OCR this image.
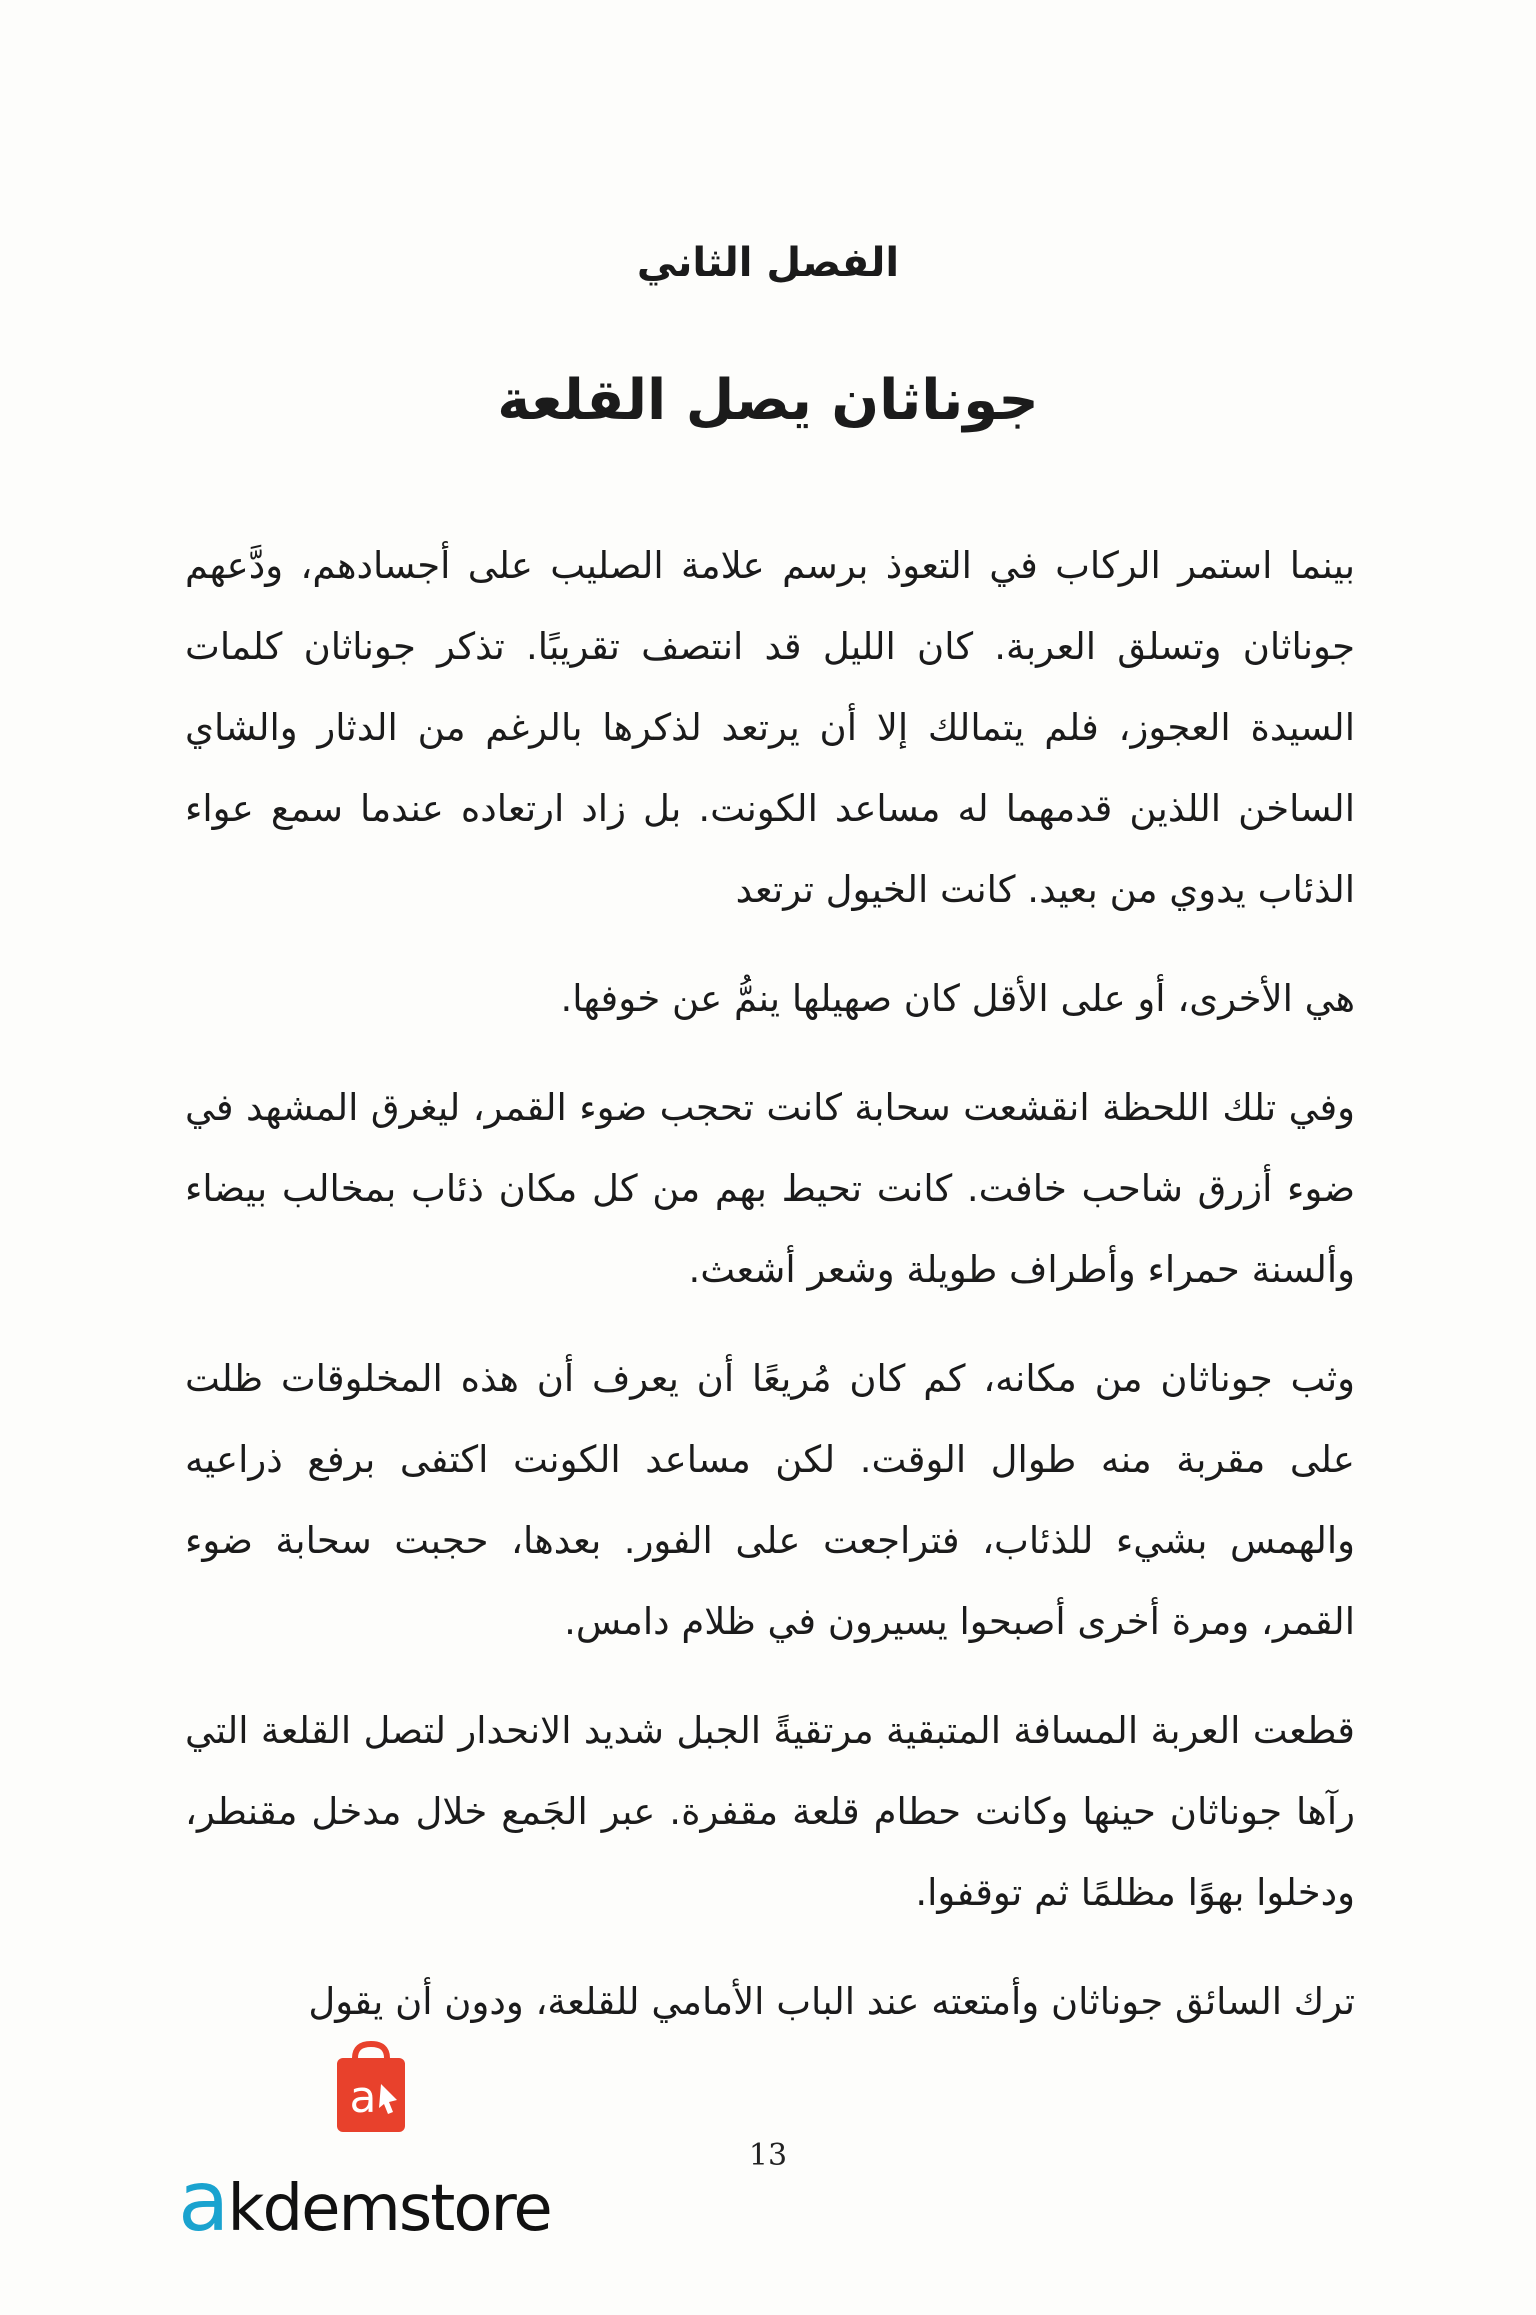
الفصل الثاني
جوناثان يصل القلعة

بينما استمر الركاب في التعوذ برسم علامة الصليب على أجسادهم، ودَّعهم جوناثان وتسلق العربة. كان الليل قد انتصف تقريبًا. تذكر جوناثان كلمات السيدة العجوز، فلم يتمالك إلا أن يرتعد لذكرها بالرغم من الدثار والشاي الساخن اللذين قدمهما له مساعد الكونت. بل زاد ارتعاده عندما سمع عواء الذئاب يدوي من بعيد. كانت الخيول ترتعد

هي الأخرى، أو على الأقل كان صهيلها ينمُّ عن خوفها.

وفي تلك اللحظة انقشعت سحابة كانت تحجب ضوء القمر، ليغرق المشهد في ضوء أزرق شاحب خافت. كانت تحيط بهم من كل مكان ذئاب بمخالب بيضاء وألسنة حمراء وأطراف طويلة وشعر أشعث.

وثب جوناثان من مكانه، كم كان مُريعًا أن يعرف أن هذه المخلوقات ظلت على مقربة منه طوال الوقت. لكن مساعد الكونت اكتفى برفع ذراعيه والهمس بشيء للذئاب، فتراجعت على الفور. بعدها، حجبت سحابة ضوء القمر، ومرة أخرى أصبحوا يسيرون في ظلام دامس.

قطعت العربة المسافة المتبقية مرتقيةً الجبل شديد الانحدار لتصل القلعة التي رآها جوناثان حينها وكانت حطام قلعة مقفرة. عبر الجَمع خلال مدخل مقنطر، ودخلوا بهوًا مظلمًا ثم توقفوا.

ترك السائق جوناثان وأمتعته عند الباب الأمامي للقلعة، ودون أن يقول

a
akdemstore
13
